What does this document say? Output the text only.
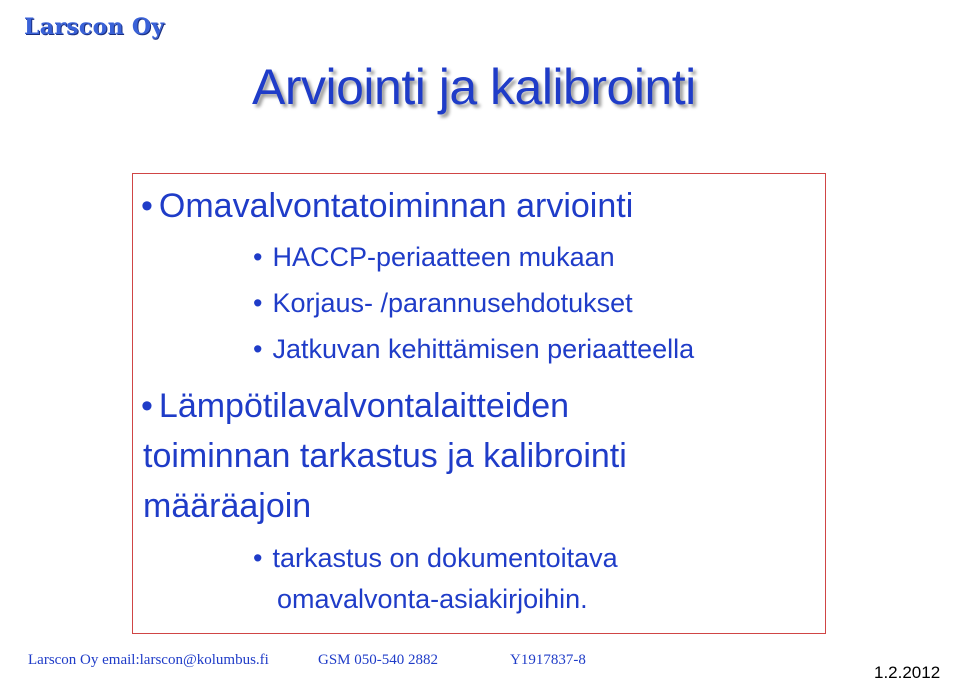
Larscon Oy
Arviointi ja kalibrointi
• Omavalvontatoiminnan arviointi
• HACCP-periaatteen mukaan
• Korjaus- /parannusehdotukset
• Jatkuvan kehittämisen periaatteella
• Lämpötilavalvontalaitteiden
toiminnan tarkastus ja kalibrointi
määräajoin
• tarkastus on dokumentoitava
omavalvonta-asiakirjoihin.
Larscon Oy email:larscon@kolumbus.fi	GSM 050-540 2882	Y1917837-8
1.2.2012
